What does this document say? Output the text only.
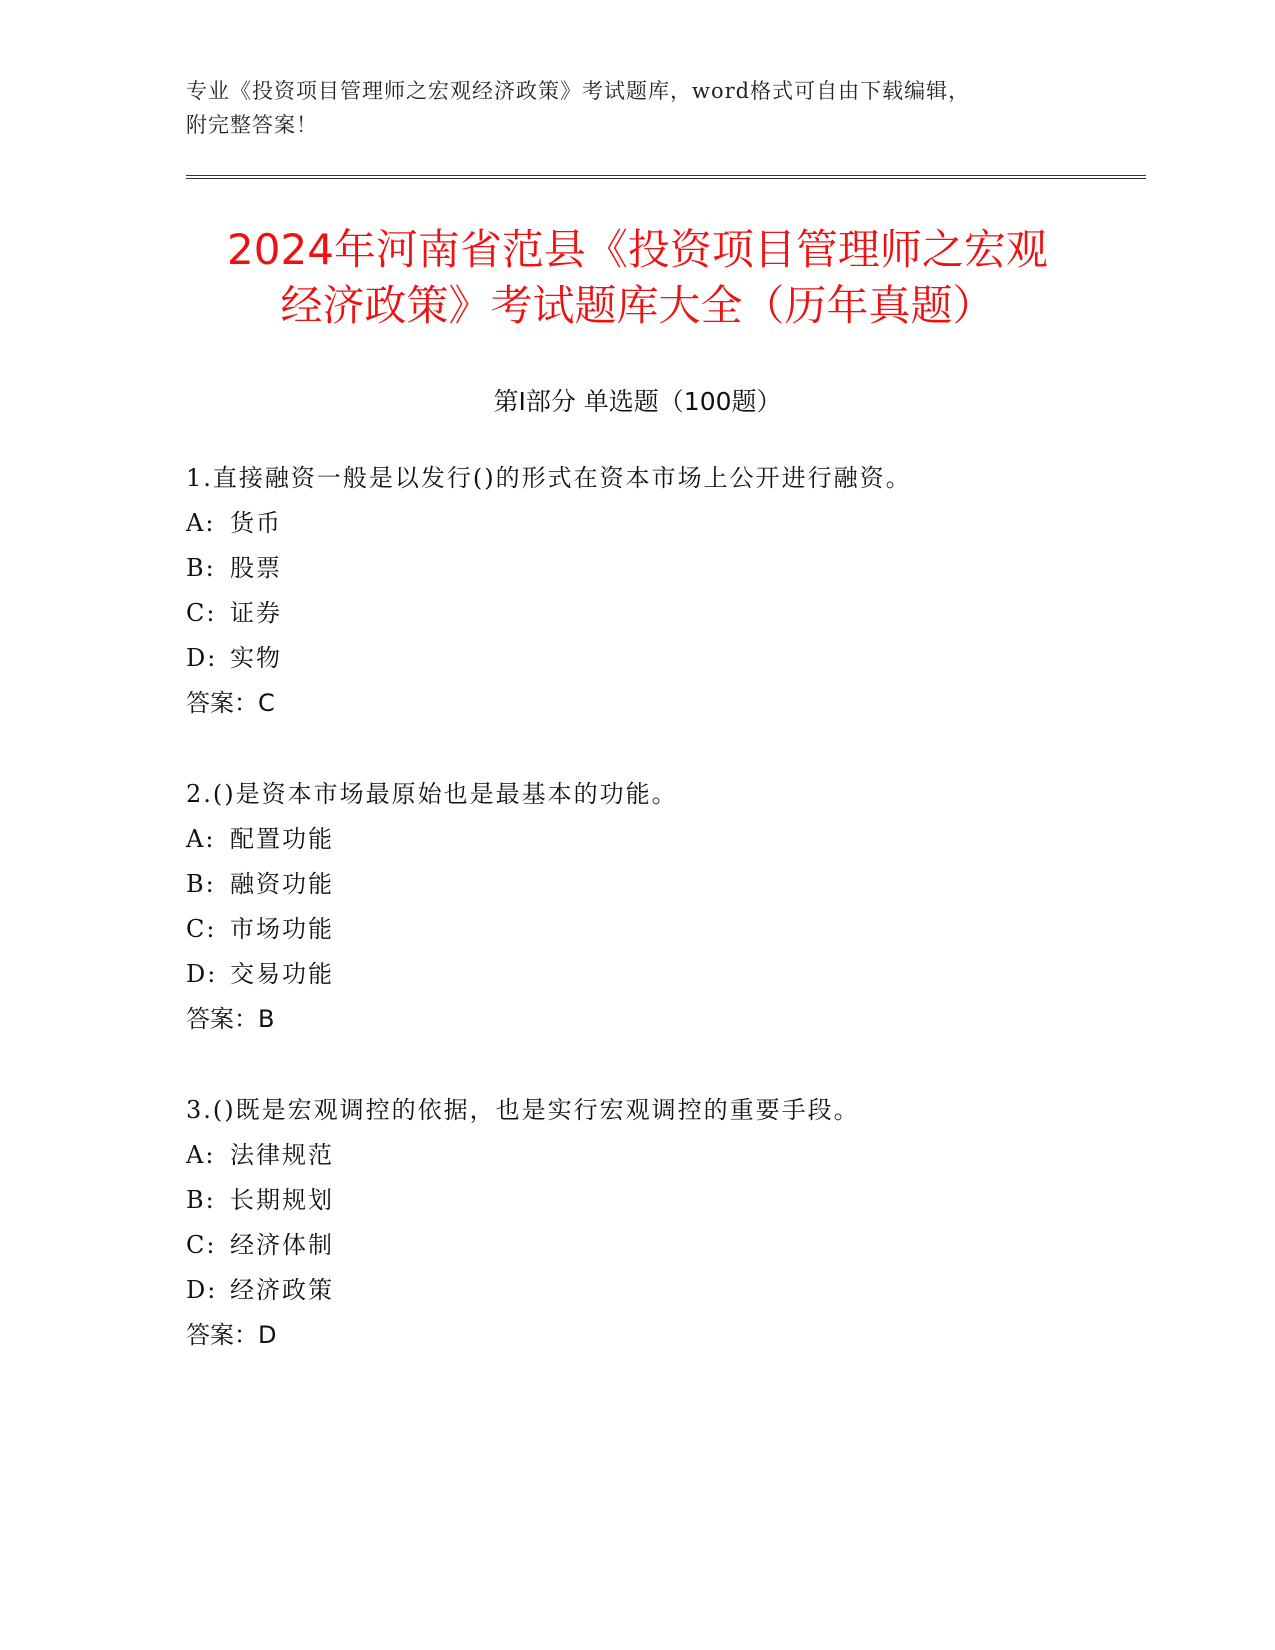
专业《投资项目管理师之宏观经济政策》考试题库，word格式可自由下载编辑，
附完整答案！
2024年河南省范县《投资项目管理师之宏观
经济政策》考试题库大全（历年真题）
第Ⅰ部分 单选题（100题）
1.直接融资一般是以发行()的形式在资本市场上公开进行融资。
A: 货币
B: 股票
C: 证券
D: 实物
答案：C
2.()是资本市场最原始也是最基本的功能。
A: 配置功能
B: 融资功能
C: 市场功能
D: 交易功能
答案：B
3.()既是宏观调控的依据，也是实行宏观调控的重要手段。
A: 法律规范
B: 长期规划
C: 经济体制
D: 经济政策
答案：D
